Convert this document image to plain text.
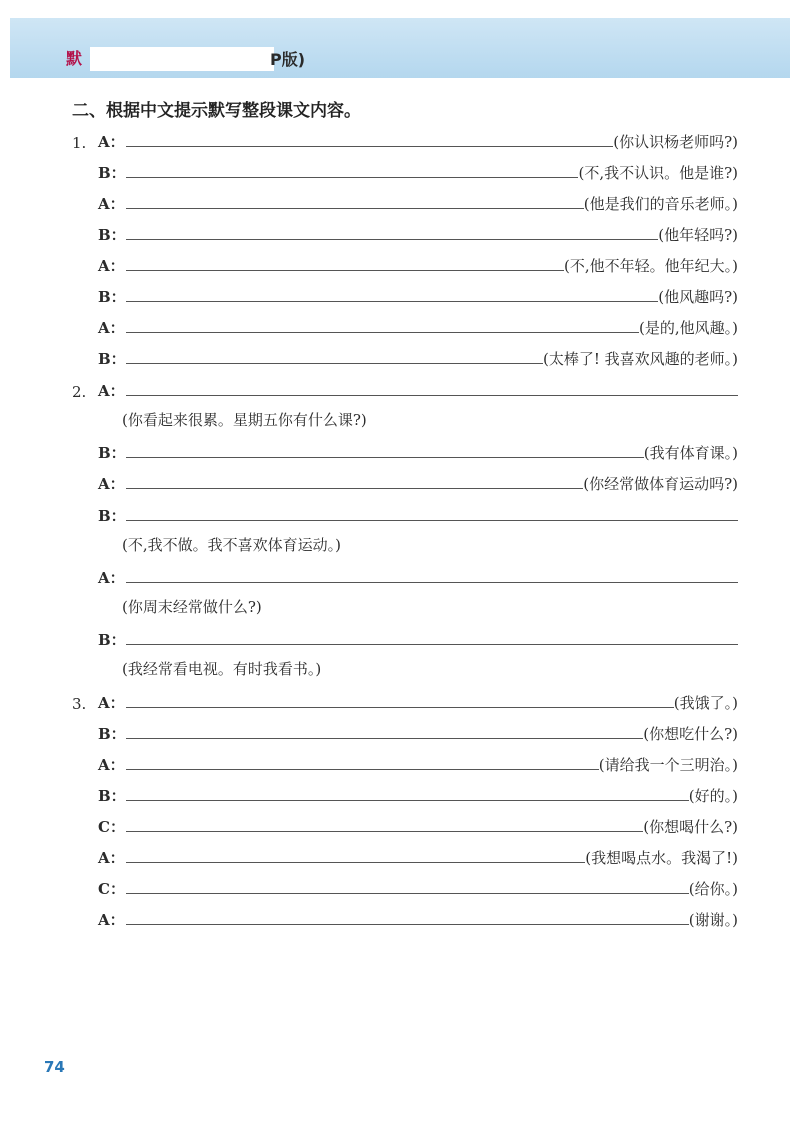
默	P版)
二、根据中文提示默写整段课文内容。
1. A：	(你认识杨老师吗?)
B：	(不,我不认识。他是谁?)
A：	(他是我们的音乐老师。)
B：	(他年轻吗?)
A：	(不,他不年轻。他年纪大。)
B：	(他风趣吗?)
A：	(是的,他风趣。)
B：	(太棒了! 我喜欢风趣的老师。)
2. A：
(你看起来很累。星期五你有什么课?)
B：	(我有体育课。)
A：	(你经常做体育运动吗?)
B：
(不,我不做。我不喜欢体育运动。)
A：
(你周末经常做什么?)
B：
(我经常看电视。有时我看书。)
3. A：	(我饿了。)
B：	(你想吃什么?)
A：	(请给我一个三明治。)
B：	(好的。)
C：	(你想喝什么?)
A：	(我想喝点水。我渴了!)
C：	(给你。)
A：	(谢谢。)
74
